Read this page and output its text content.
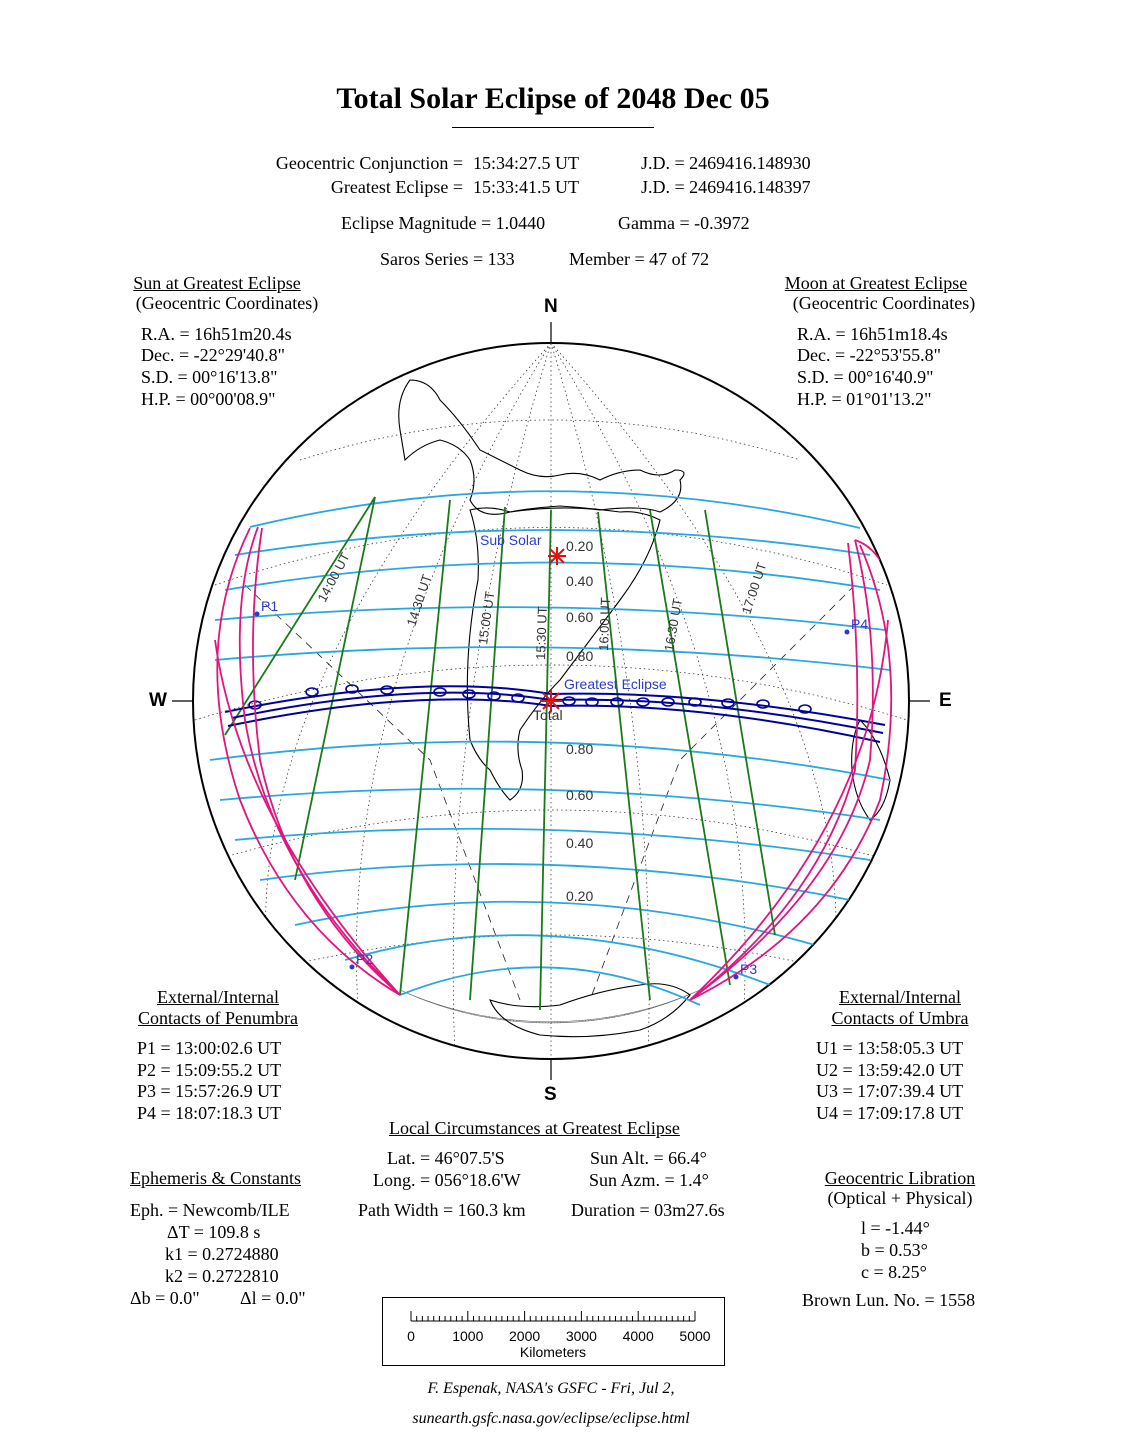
Total Solar Eclipse of 2048 Dec 05
Geocentric Conjunction = 15:34:27.5 UT	J.D. = 2469416.148930
Greatest Eclipse = 15:33:41.5 UT	J.D. = 2469416.148397
Eclipse Magnitude = 1.0440	Gamma = -0.3972
Saros Series = 133	Member = 47 of 72
Sun at Greatest Eclipse
(Geocentric Coordinates)
R.A. = 16h51m20.4s
Dec. = -22°29'40.8"
S.D. = 00°16'13.8"
H.P. = 00°00'08.9"
Moon at Greatest Eclipse
(Geocentric Coordinates)
R.A. = 16h51m18.4s
Dec. = -22°53'55.8"
S.D. = 00°16'40.9"
H.P. = 01°01'13.2"
Sub Solar
Greatest Eclipse
Total
P1
P2
P3
P4
0.20
0.40
0.60
0.80
0.80
0.60
0.40
0.20
14:00 UT	14:30 UT	15:00 UT	15:30 UT	16:00 UT	16:30 UT
17:00 UT
N
S
W	E
External/Internal
Contacts of Penumbra
P1 = 13:00:02.6 UT
P2 = 15:09:55.2 UT
P3 = 15:57:26.9 UT
P4 = 18:07:18.3 UT
External/Internal
Contacts of Umbra
U1 = 13:58:05.3 UT
U2 = 13:59:42.0 UT
U3 = 17:07:39.4 UT
U4 = 17:09:17.8 UT
Local Circumstances at Greatest Eclipse
Lat. = 46°07.5'S
Long. = 056°18.6'W
Sun Alt. = 66.4°
Sun Azm. = 1.4°
Path Width = 160.3 km	Duration = 03m27.6s
Ephemeris & Constants
Eph. = Newcomb/ILE
ΔT = 109.8 s
k1 = 0.2724880
k2 = 0.2722810
Δb = 0.0" Δl = 0.0"
Geocentric Libration
(Optical + Physical)
l = -1.44°
b = 0.53°
c = 8.25°
Brown Lun. No. = 1558
0	1000 2000 3000 4000 5000
Kilometers
F. Espenak, NASA's GSFC - Fri, Jul 2,
sunearth.gsfc.nasa.gov/eclipse/eclipse.html
